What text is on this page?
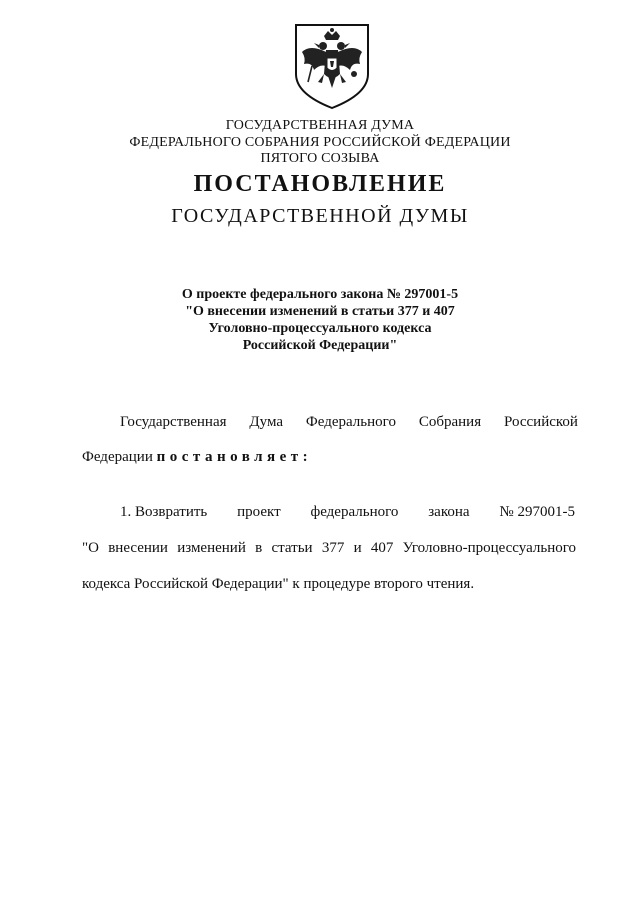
ГОСУДАРСТВЕННАЯ ДУМА
ФЕДЕРАЛЬНОГО СОБРАНИЯ РОССИЙСКОЙ ФЕДЕРАЦИИ
ПЯТОГО СОЗЫВА
ПОСТАНОВЛЕНИЕ
ГОСУДАРСТВЕННОЙ ДУМЫ
О проекте федерального закона № 297001-5
"О внесении изменений в статьи 377 и 407
Уголовно-процессуального кодекса
Российской Федерации"
Государственная Дума Федерального Собрания Российской
Федерации постановляет:
1. Возвратить проект федерального закона № 297001-5
"О внесении изменений в статьи 377 и 407 Уголовно-процессуального
кодекса Российской Федерации" к процедуре второго чтения.
